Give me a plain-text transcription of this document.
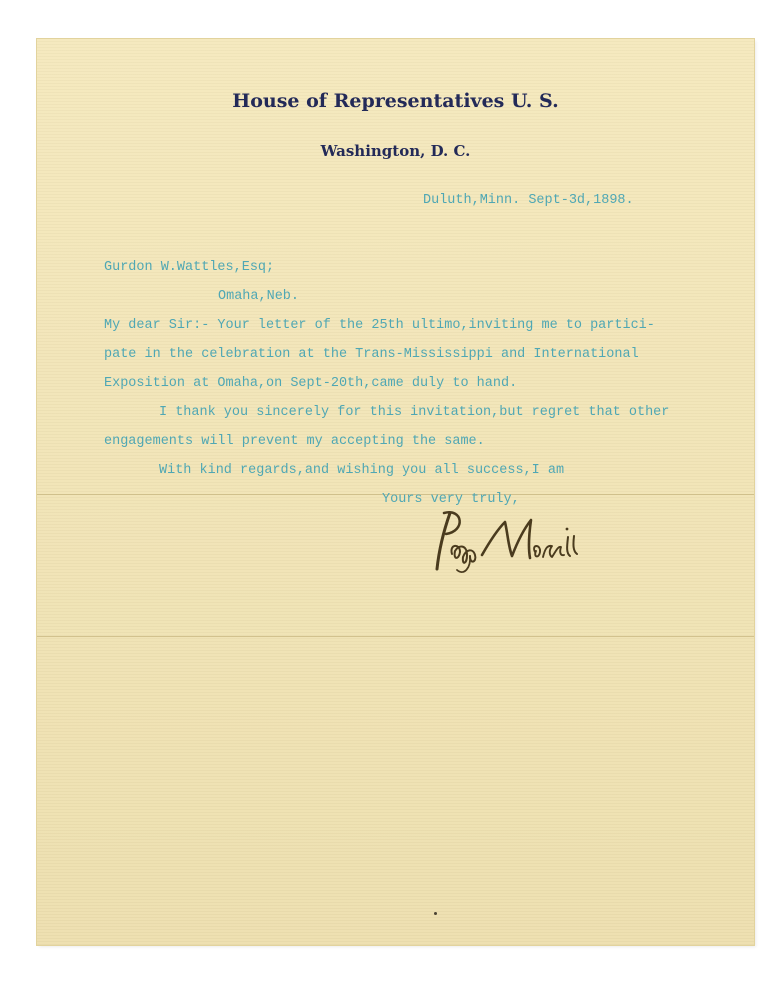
House of Representatives U. S.
Washington, D. C.
Duluth,Minn. Sept-3d,1898.
Gurdon W.Wattles,Esq;
Omaha,Neb.
My dear Sir:- Your letter of the 25th ultimo,inviting me to partici-
pate in the celebration at the Trans-Mississippi and International
Exposition at Omaha,on Sept-20th,came duly to hand.
I thank you sincerely for this invitation,but regret that other
engagements will prevent my accepting the same.
With kind regards,and wishing you all success,I am
Yours very truly,
